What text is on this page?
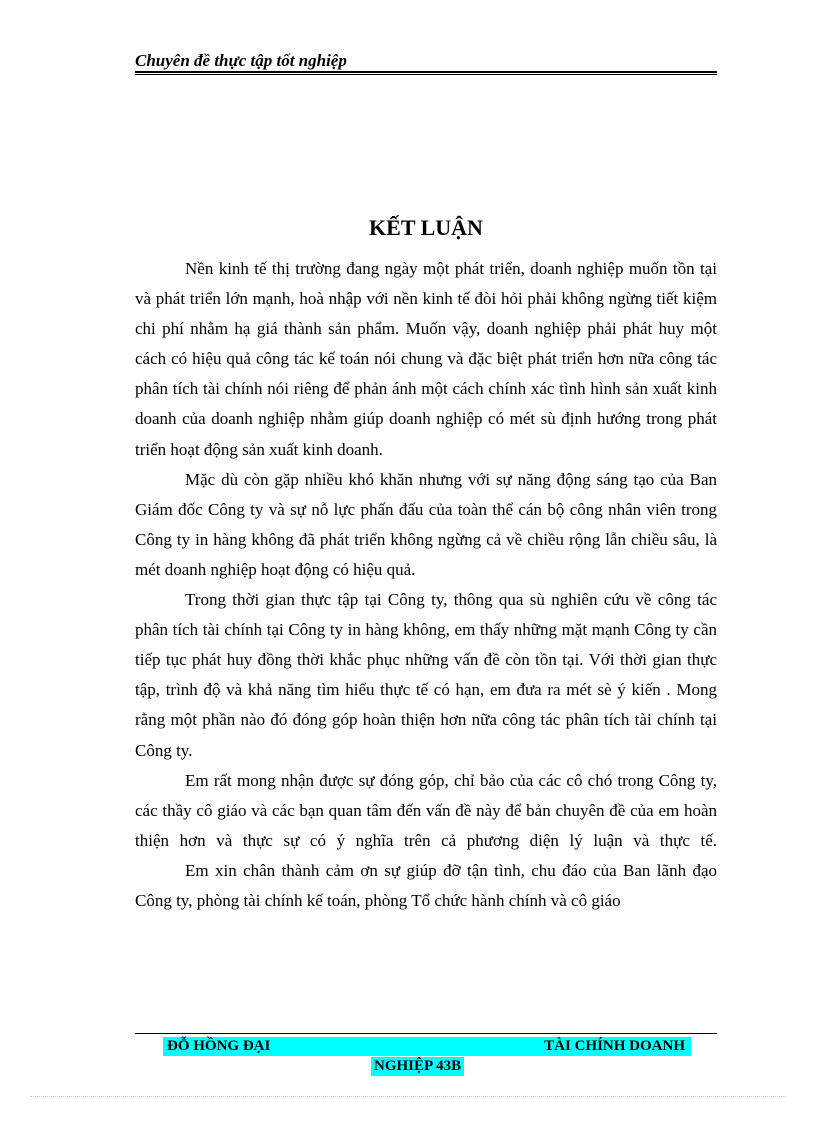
Chuyên đề thực tập tốt nghiệp
KẾT LUẬN

Nền kinh tế thị trường đang ngày một phát triển, doanh nghiệp muốn tồn tại và phát triển lớn mạnh, hoà nhập với nền kinh tế đòi hỏi phải không ngừng tiết kiệm chi phí nhằm hạ giá thành sản phẩm. Muốn vậy, doanh nghiệp phải phát huy một cách có hiệu quả công tác kế toán nói chung và đặc biệt phát triển hơn nữa công tác phân tích tài chính nói riêng để phản ánh một cách chính xác tình hình sản xuất kinh doanh của doanh nghiệp nhằm giúp doanh nghiệp có mét sù định hướng trong phát triển hoạt động sản xuất kinh doanh.

Mặc dù còn gặp nhiều khó khăn nhưng với sự năng động sáng tạo của Ban Giám đốc Công ty và sự nỗ lực phấn đấu của toàn thể cán bộ công nhân viên trong Công ty in hàng không đã phát triển không ngừng cả về chiều rộng lẫn chiều sâu, là mét doanh nghiệp hoạt động có hiệu quả.

Trong thời gian thực tập tại Công ty, thông qua sù nghiên cứu về công tác phân tích tài chính tại Công ty in hàng không, em thấy những mặt mạnh Công ty cần tiếp tục phát huy đồng thời khắc phục những vấn đề còn tồn tại. Với thời gian thực tập, trình độ và khả năng tìm hiểu thực tế có hạn, em đưa ra mét sè ý kiến . Mong rằng một phần nào đó đóng góp hoàn thiện hơn nữa công tác phân tích tài chính tại Công ty.

Em rất mong nhận được sự đóng góp, chỉ bảo của các cô chó trong Công ty, các thầy cô giáo và các bạn quan tâm đến vấn đề này để bản chuyên đề của em hoàn thiện hơn và thực sự có ý nghĩa trên cả phương diện lý luận và thực tế.

Em xin chân thành cảm ơn sự giúp đỡ tận tình, chu đáo của Ban lãnh đạo Công ty, phòng tài chính kế toán, phòng Tổ chức hành chính và cô giáo

ĐỖ HỒNG ĐẠI	TÀI CHÍNH DOANH
NGHIỆP 43B
